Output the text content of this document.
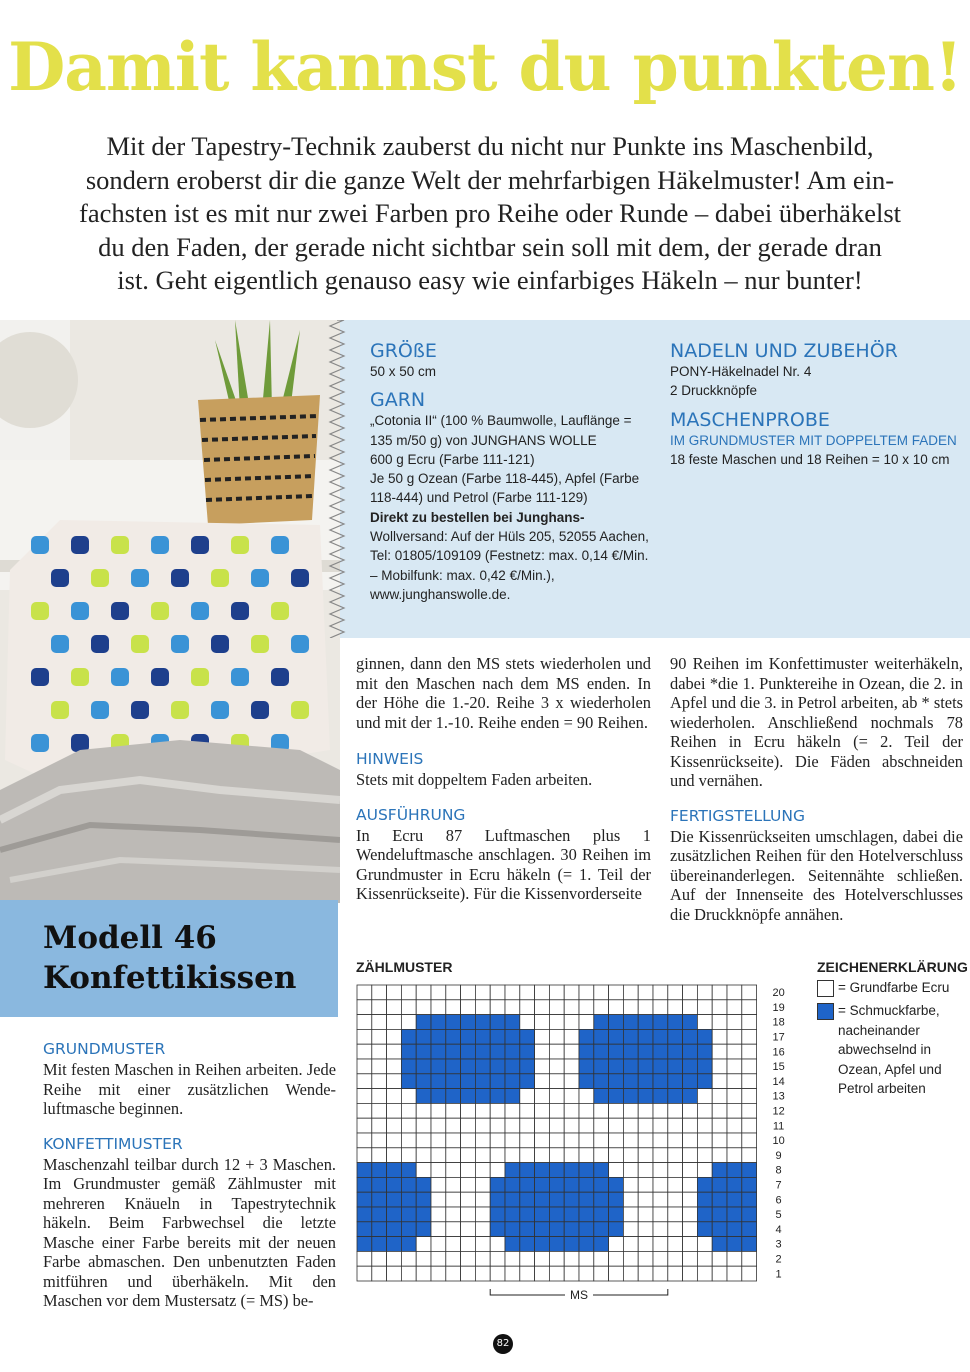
Damit kannst du punkten!

Mit der Tapestry-Technik zauberst du nicht nur Punkte ins Maschenbild,

sondern eroberst dir die ganze Welt der mehrfarbigen Häkelmuster! Am ein-

fachsten ist es mit nur zwei Farben pro Reihe oder Runde – dabei überhäkelst

du den Faden, der gerade nicht sichtbar sein soll mit dem, der gerade dran

ist. Geht eigentlich genauso easy wie einfarbiges Häkeln – nur bunter!

GRÖßE

50 x 50 cm

GARN

„Cotonia II“ (100 % Baumwolle, Lauflänge =

135 m/50 g) von JUNGHANS WOLLE

600 g Ecru (Farbe 111-121)

Je 50 g Ozean (Farbe 118-445), Apfel (Farbe

118-444) und Petrol (Farbe 111-129)

Direkt zu bestellen bei Junghans-

Wollversand: Auf der Hüls 205, 52055 Aachen,

Tel: 01805/109109 (Festnetz: max. 0,14 €/Min.

– Mobilfunk: max. 0,42 €/Min.),

www.junghanswolle.de.

NADELN UND ZUBEHÖR

PONY-Häkelnadel Nr. 4

2 Druckknöpfe

MASCHENPROBE

IM GRUNDMUSTER MIT DOPPELTEM FADEN

18 feste Maschen und 18 Reihen = 10 x 10 cm

Modell 46
Konfettikissen

GRUNDMUSTER

Mit festen Maschen in Reihen arbeiten. Jede Reihe mit einer zusätzlichen Wende-luftmasche beginnen.

KONFETTIMUSTER

Maschenzahl teilbar durch 12 + 3 Maschen. Im Grundmuster gemäß Zählmuster mit mehreren Knäueln in Tapestrytechnik häkeln. Beim Farbwechsel die letzte Masche einer Farbe bereits mit der neuen Farbe abmaschen. Den unbenutzten Faden mitführen und überhäkeln. Mit den Maschen vor dem Mustersatz (= MS) be-

ginnen, dann den MS stets wiederholen und mit den Maschen nach dem MS enden. In der Höhe die 1.-20. Reihe 3 x wiederholen und mit der 1.-10. Reihe enden = 90 Reihen.

HINWEIS

Stets mit doppeltem Faden arbeiten.

AUSFÜHRUNG

In Ecru 87 Luftmaschen plus 1 Wendeluftmasche anschlagen. 30 Reihen im Grundmuster in Ecru häkeln (= 1. Teil der Kissenrückseite). Für die Kissenvorderseite

90 Reihen im Konfettimuster weiterhäkeln, dabei *die 1. Punktereihe in Ozean, die 2. in Apfel und die 3. in Petrol arbeiten, ab * stets wiederholen. Anschließend nochmals 78 Reihen in Ecru häkeln (= 2. Teil der Kissenrückseite). Die Fäden abschneiden und vernähen.

FERTIGSTELLUNG

Die Kissenrückseiten umschlagen, dabei die zusätzlichen Reihen für den Hotelverschluss übereinanderlegen. Seitennähte schließen. Auf der Innenseite des Hotelverschlusses die Druckknöpfe annähen.

ZÄHLMUSTER
20
19
18
17
16
15
14
13
12
11
10
9
8
7
6
5
4
3
2
1
MS
ZEICHENERKLÄRUNG
= Grundfarbe Ecru
= Schmuckfarbe,
nacheinander
abwechselnd in
Ozean, Apfel und
Petrol arbeiten
82
